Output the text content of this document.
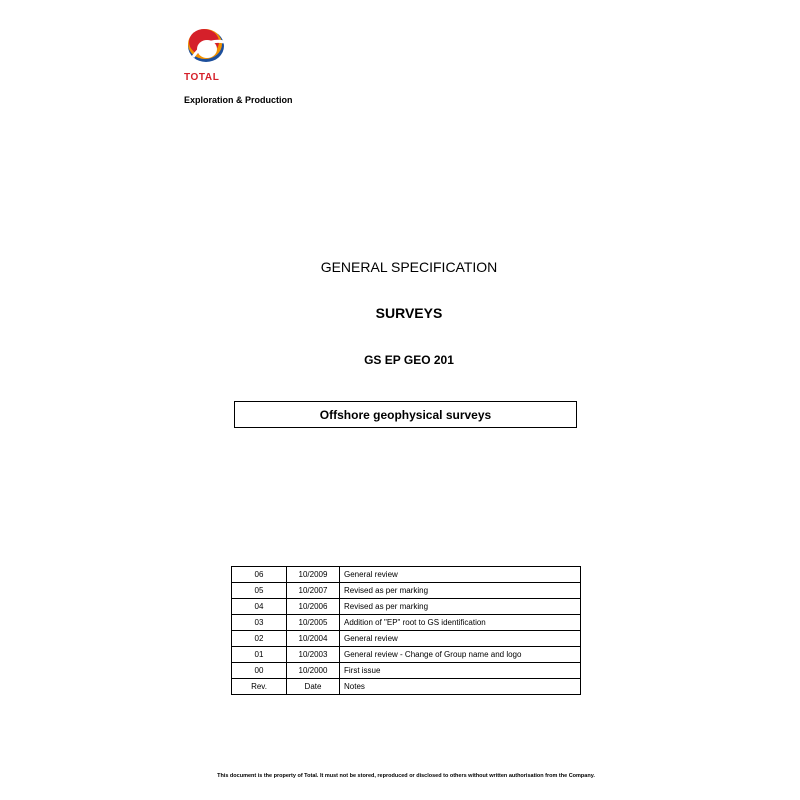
TOTAL
Exploration & Production
GENERAL SPECIFICATION
SURVEYS
GS EP GEO 201
Offshore geophysical surveys
06	10/2009	General review
05	10/2007	Revised as per marking
04	10/2006	Revised as per marking
03	10/2005	Addition of "EP" root to GS identification
02	10/2004	General review
01	10/2003	General review - Change of Group name and logo
00	10/2000	First issue
Rev.	Date	Notes
This document is the property of Total. It must not be stored, reproduced or disclosed to others without written authorisation from the Company.
